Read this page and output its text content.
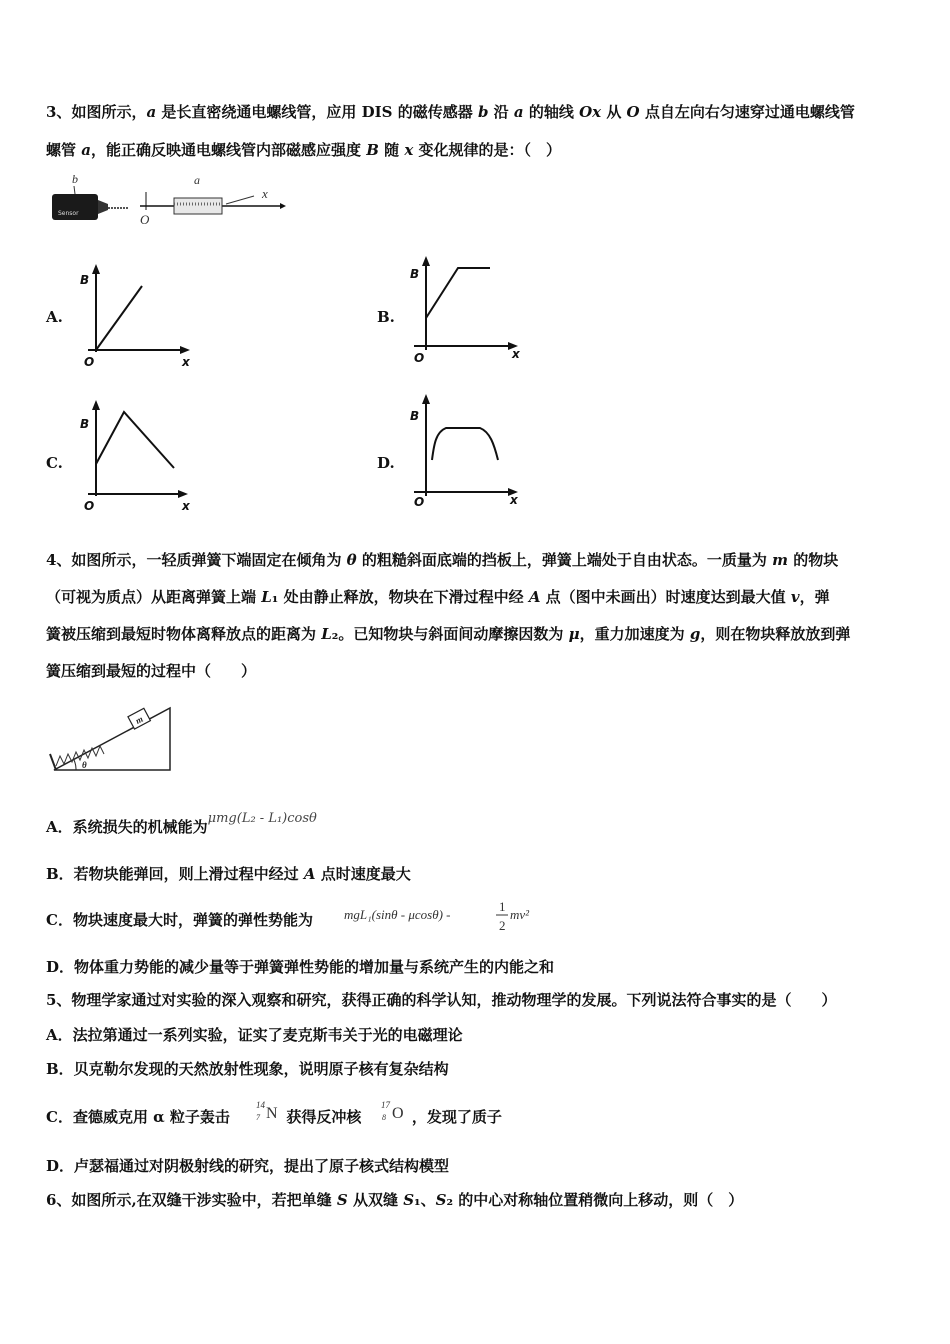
3、如图所示，a 是长直密绕通电螺线管，应用 DIS 的磁传感器 b 沿 a 的轴线 Ox 从 O 点自左向右匀速穿过通电螺线管
螺管 a，能正确反映通电螺线管内部磁感应强度 B 随 x 变化规律的是：（　）
b
Sensor	O
a
x
A.
B
O	x
B.
B
O	x
C.
B
O	x
D.
B
O	x
4、如图所示，一轻质弹簧下端固定在倾角为 θ 的粗糙斜面底端的挡板上，弹簧上端处于自由状态。一质量为 m 的物块
（可视为质点）从距离弹簧上端 L₁ 处由静止释放，物块在下滑过程中经 A 点（图中未画出）时速度达到最大值 v，弹
簧被压缩到最短时物体离释放点的距离为 L₂。已知物块与斜面间动摩擦因数为 μ，重力加速度为 g，则在物块释放放到弹
簧压缩到最短的过程中（　　）
m
θ
A．系统损失的机械能为μmg(L₂ - L₁)cosθ
B．若物块能弹回，则上滑过程中经过 A 点时速度最大
C．物块速度最大时，弹簧的弹性势能为 mgL₁(sinθ - μcosθ) -
1
2
mv²
D．物体重力势能的减少量等于弹簧弹性势能的增加量与系统产生的内能之和
5、物理学家通过对实验的深入观察和研究，获得正确的科学认知，推动物理学的发展。下列说法符合事实的是（　　）
A．法拉第通过一系列实验，证实了麦克斯韦关于光的电磁理论
B．贝克勒尔发现的天然放射性现象，说明原子核有复杂结构
C．查德威克用 α 粒子轰击	获得反冲核	，发现了质子
14
7 N	17
8 O
D．卢瑟福通过对阴极射线的研究，提出了原子核式结构模型
6、如图所示,在双缝干涉实验中，若把单缝 S 从双缝 S₁、S₂ 的中心对称轴位置稍微向上移动，则（　）
